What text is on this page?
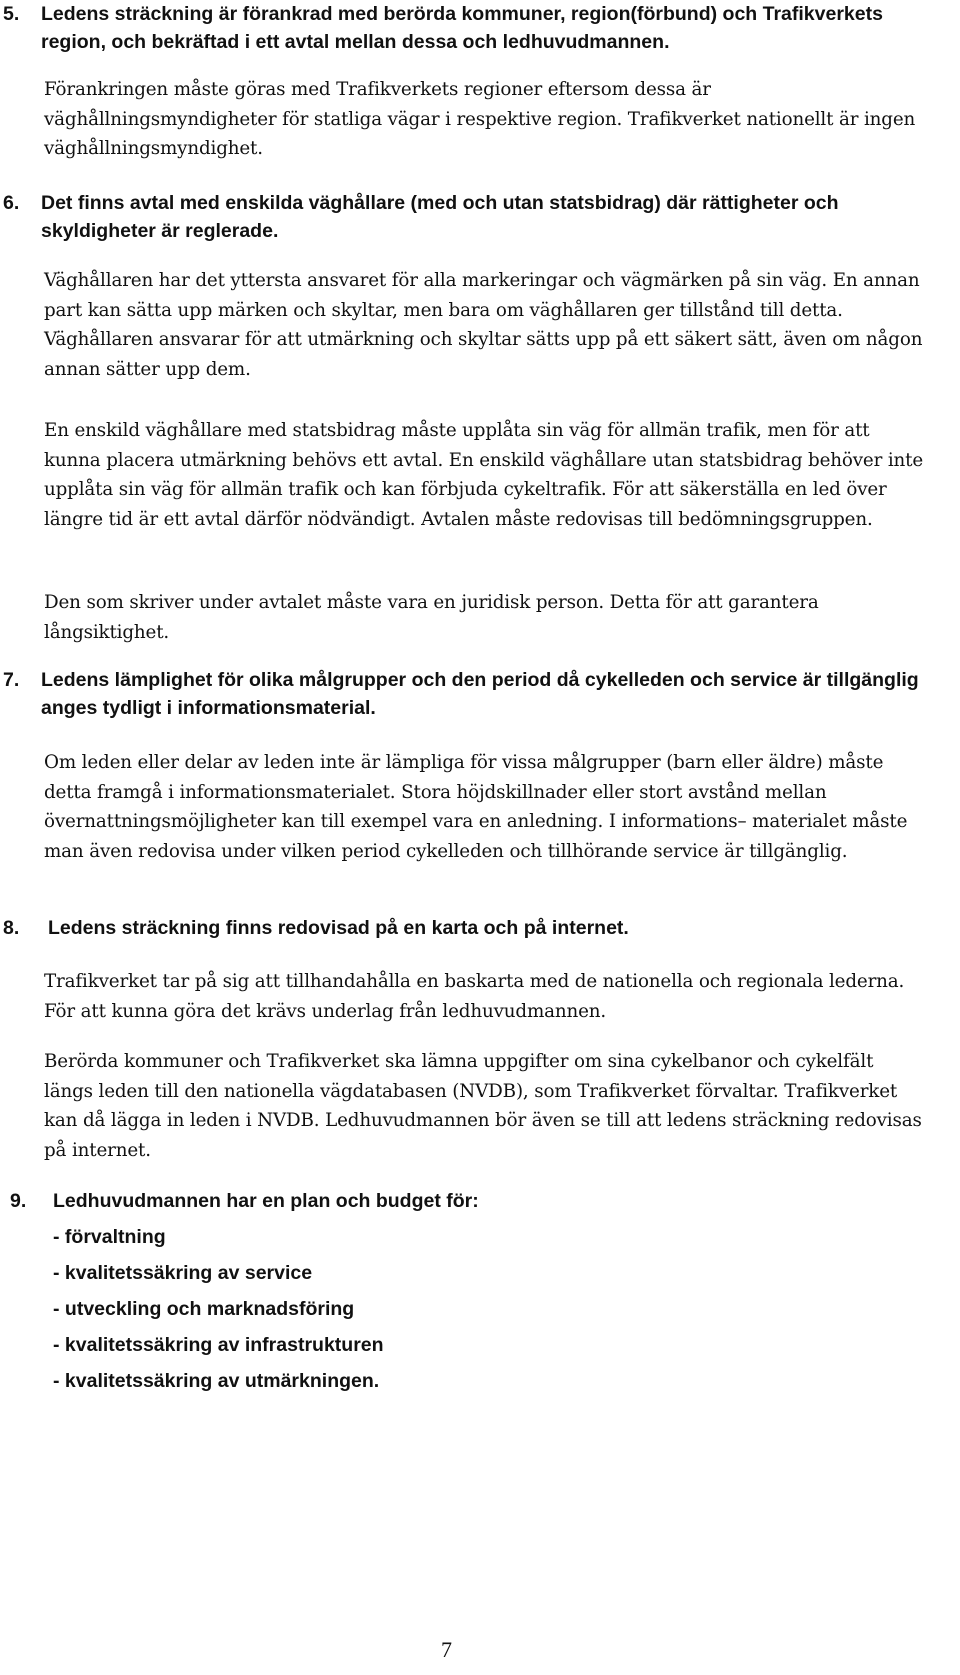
5.	Ledens sträckning är förankrad med berörda kommuner, region(förbund) och Trafikverkets region, och bekräftad i ett avtal mellan dessa och ledhuvudmannen.

Förankringen måste göras med Trafikverkets regioner eftersom dessa är väghållningsmyndigheter för statliga vägar i respektive region. Trafikverket nationellt är ingen väghållningsmyndighet.

6.	Det finns avtal med enskilda väghållare (med och utan statsbidrag) där rättigheter och skyldigheter är reglerade.

Väghållaren har det yttersta ansvaret för alla markeringar och vägmärken på sin väg. En annan part kan sätta upp märken och skyltar, men bara om väghållaren ger tillstånd till detta. Väghållaren ansvarar för att utmärkning och skyltar sätts upp på ett säkert sätt, även om någon annan sätter upp dem.

En enskild väghållare med statsbidrag måste upplåta sin väg för allmän trafik, men för att kunna placera utmärkning behövs ett avtal. En enskild väghållare utan statsbidrag behöver inte upplåta sin väg för allmän trafik och kan förbjuda cykeltrafik. För att säkerställa en led över längre tid är ett avtal därför nödvändigt. Avtalen måste redovisas till bedömningsgruppen.

Den som skriver under avtalet måste vara en juridisk person. Detta för att garantera långsiktighet.

7.	Ledens lämplighet för olika målgrupper och den period då cykelleden och service är tillgänglig anges tydligt i informationsmaterial.

Om leden eller delar av leden inte är lämpliga för vissa målgrupper (barn eller äldre) måste detta framgå i informationsmaterialet. Stora höjdskillnader eller stort avstånd mellan övernattningsmöjligheter kan till exempel vara en anledning. I informations– materialet måste man även redovisa under vilken period cykelleden och tillhörande service är tillgänglig.

8.	Ledens sträckning finns redovisad på en karta och på internet.

Trafikverket tar på sig att tillhandahålla en baskarta med de nationella och regionala lederna. För att kunna göra det krävs underlag från ledhuvudmannen.

Berörda kommuner och Trafikverket ska lämna uppgifter om sina cykelbanor och cykelfält längs leden till den nationella vägdatabasen (NVDB), som Trafikverket förvaltar. Trafikverket kan då lägga in leden i NVDB. Ledhuvudmannen bör även se till att ledens sträckning redovisas på internet.

9.	Ledhuvudmannen har en plan och budget för:
- förvaltning
- kvalitetssäkring av service
- utveckling och marknadsföring
- kvalitetssäkring av infrastrukturen
- kvalitetssäkring av utmärkningen.
7
